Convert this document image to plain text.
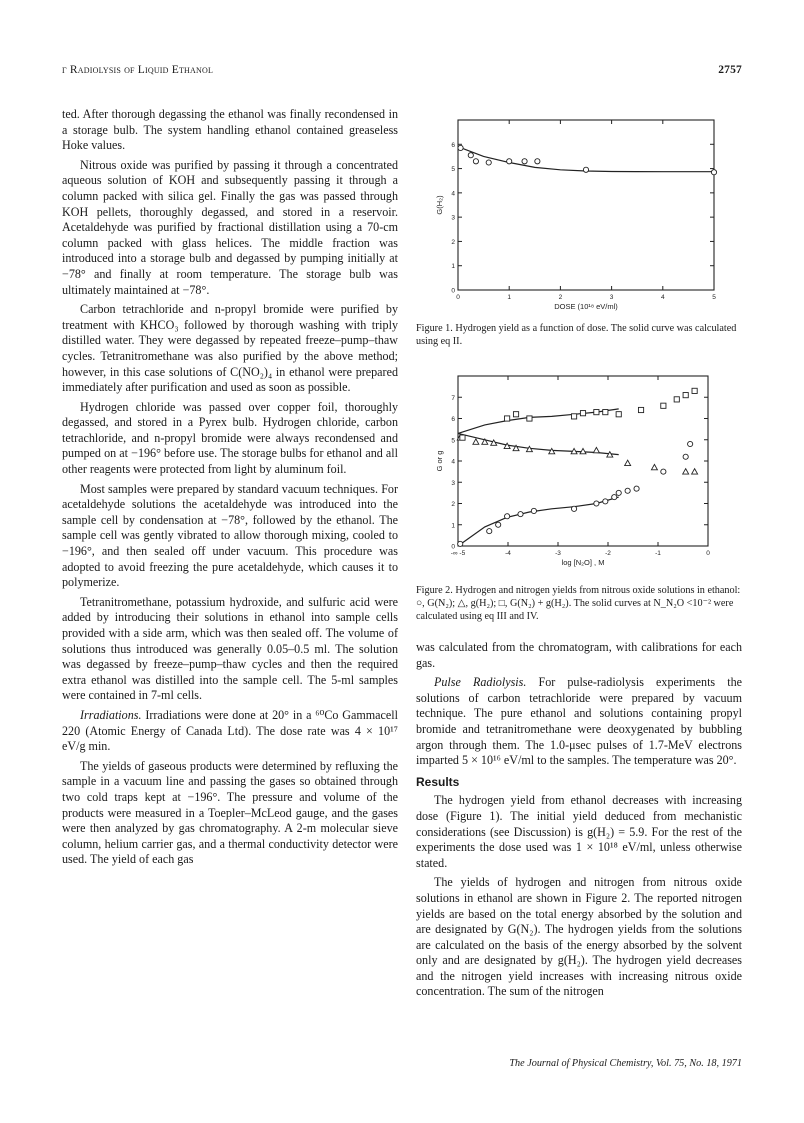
γ Radiolysis of Liquid Ethanol	2757

ted. After thorough degassing the ethanol was finally recondensed in a storage bulb. The system handling ethanol contained greaseless Hoke values.

Nitrous oxide was purified by passing it through a concentrated aqueous solution of KOH and subsequently passing it through a column packed with silica gel. Finally the gas was passed through KOH pellets, thoroughly degassed, and stored in a reservoir. Acetaldehyde was purified by fractional distillation using a 70-cm column packed with glass helices. The middle fraction was introduced into a storage bulb and degassed by pumping initially at −78° and finally at room temperature. The storage bulb was ultimately maintained at −78°.

Carbon tetrachloride and n-propyl bromide were purified by treatment with KHCO₃ followed by thorough washing with triply distilled water. They were degassed by repeated freeze–pump–thaw cycles. Tetranitromethane was also purified by the above method; however, in this case solutions of C(NO₂)₄ in ethanol were prepared immediately after purification and used as soon as possible.

Hydrogen chloride was passed over copper foil, thoroughly degassed, and stored in a Pyrex bulb. Hydrogen chloride, carbon tetrachloride, and n-propyl bromide were always recondensed and pumped on at −196° before use. The storage bulbs for ethanol and all other reagents were protected from light by aluminum foil.

Most samples were prepared by standard vacuum techniques. For acetaldehyde solutions the acetaldehyde was introduced into the sample cell by condensation at −78°, followed by the ethanol. The sample cell was gently vibrated to allow thorough mixing, cooled to −196°, and then sealed off under vacuum. This procedure was adopted to avoid freezing the pure acetaldehyde, which causes it to polymerize.

Tetranitromethane, potassium hydroxide, and sulfuric acid were added by introducing their solutions in ethanol into sample cells provided with a side arm, which was then sealed off. The volume of solutions thus introduced was generally 0.05–0.5 ml. The solution was degassed by freeze–pump–thaw cycles and then the required extra ethanol was distilled into the sample cell. The 5-ml samples were contained in 7-ml cells.

Irradiations. Irradiations were done at 20° in a ⁶⁰Co Gammacell 220 (Atomic Energy of Canada Ltd). The dose rate was 4 × 10¹⁷ eV/g min.

The yields of gaseous products were determined by refluxing the sample in a vacuum line and passing the gases so obtained through two cold traps kept at −196°. The pressure and volume of the products were measured in a Toepler–McLeod gauge, and the gases were then analyzed by gas chromatography. A 2-m molecular sieve column, helium carrier gas, and a thermal conductivity detector were used. The yield of each gas

0	1	2	3	4	5
0
1
2
3
4
5
6
DOSE (10¹⁸ eV/ml)
G(H₂)
Figure 1. Hydrogen yield as a function of dose. The solid curve was calculated using eq II.
-∞ -5	-4	-3	-2	-1	0
0
1
2
3
4
5
6
7
log [N₂O] , M
G or g
Figure 2. Hydrogen and nitrogen yields from nitrous oxide solutions in ethanol: ○, G(N₂); △, g(H₂); □, G(N₂) + g(H₂). The solid curves at N_N₂O <10⁻² were calculated using eq III and IV.

was calculated from the chromatogram, with calibrations for each gas.

Pulse Radiolysis. For pulse-radiolysis experiments the solutions of carbon tetrachloride were prepared by vacuum technique. The pure ethanol and solutions containing propyl bromide and tetranitromethane were deoxygenated by bubbling argon through them. The 1.0-μsec pulses of 1.7-MeV electrons imparted 5 × 10¹⁶ eV/ml to the samples. The temperature was 20°.

Results

The hydrogen yield from ethanol decreases with increasing dose (Figure 1). The initial yield deduced from mechanistic considerations (see Discussion) is g(H₂) = 5.9. For the rest of the experiments the dose used was 1 × 10¹⁸ eV/ml, unless otherwise stated.

The yields of hydrogen and nitrogen from nitrous oxide solutions in ethanol are shown in Figure 2. The reported nitrogen yields are based on the total energy absorbed by the solution and are designated by G(N₂). The hydrogen yields from the solutions are calculated on the basis of the energy absorbed by the solvent only and are designated by g(H₂). The hydrogen yield decreases and the nitrogen yield increases with increasing nitrous oxide concentration. The sum of the nitrogen

The Journal of Physical Chemistry, Vol. 75, No. 18, 1971
